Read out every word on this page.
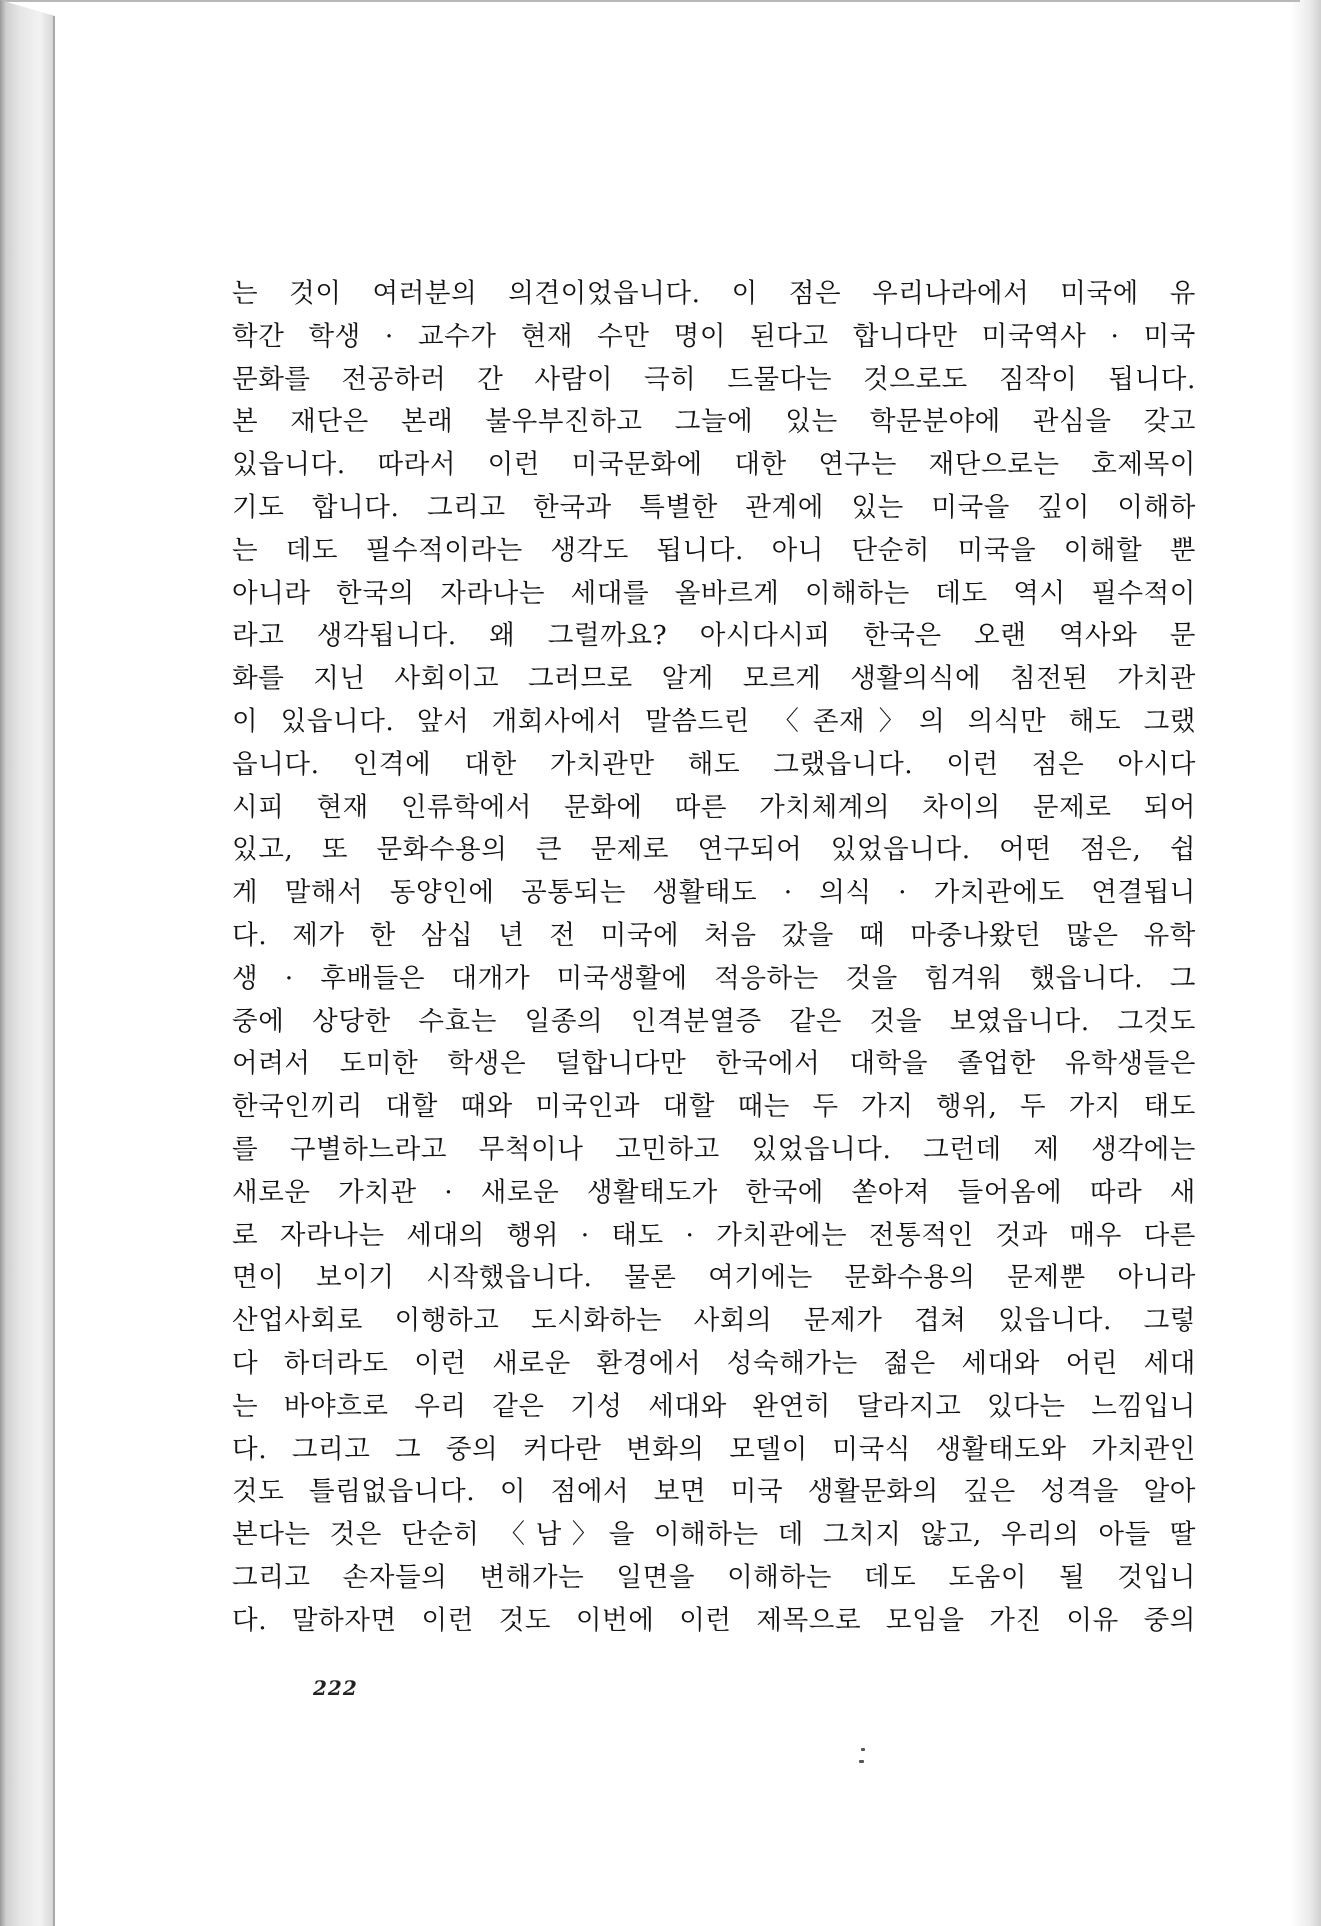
는 것이 여러분의 의견이었읍니다. 이 점은 우리나라에서 미국에 유
학간 학생 · 교수가 현재 수만 명이 된다고 합니다만 미국역사 · 미국
문화를 전공하러 간 사람이 극히 드물다는 것으로도 짐작이 됩니다.
본 재단은 본래 불우부진하고 그늘에 있는 학문분야에 관심을 갖고
있읍니다. 따라서 이런 미국문화에 대한 연구는 재단으로는 호제목이
기도 합니다. 그리고 한국과 특별한 관계에 있는 미국을 깊이 이해하
는 데도 필수적이라는 생각도 됩니다. 아니 단순히 미국을 이해할 뿐
아니라 한국의 자라나는 세대를 올바르게 이해하는 데도 역시 필수적이
라고 생각됩니다. 왜 그럴까요? 아시다시피 한국은 오랜 역사와 문
화를 지닌 사회이고 그러므로 알게 모르게 생활의식에 침전된 가치관
이 있읍니다. 앞서 개회사에서 말씀드린 〈존재〉의 의식만 해도 그랬
읍니다. 인격에 대한 가치관만 해도 그랬읍니다. 이런 점은 아시다
시피 현재 인류학에서 문화에 따른 가치체계의 차이의 문제로 되어
있고, 또 문화수용의 큰 문제로 연구되어 있었읍니다. 어떤 점은, 쉽
게 말해서 동양인에 공통되는 생활태도 · 의식 · 가치관에도 연결됩니
다. 제가 한 삼십 년 전 미국에 처음 갔을 때 마중나왔던 많은 유학
생 · 후배들은 대개가 미국생활에 적응하는 것을 힘겨워 했읍니다. 그
중에 상당한 수효는 일종의 인격분열증 같은 것을 보였읍니다. 그것도
어려서 도미한 학생은 덜합니다만 한국에서 대학을 졸업한 유학생들은
한국인끼리 대할 때와 미국인과 대할 때는 두 가지 행위, 두 가지 태도
를 구별하느라고 무척이나 고민하고 있었읍니다. 그런데 제 생각에는
새로운 가치관 · 새로운 생활태도가 한국에 쏟아져 들어옴에 따라 새
로 자라나는 세대의 행위 · 태도 · 가치관에는 전통적인 것과 매우 다른
면이 보이기 시작했읍니다. 물론 여기에는 문화수용의 문제뿐 아니라
산업사회로 이행하고 도시화하는 사회의 문제가 겹쳐 있읍니다. 그렇
다 하더라도 이런 새로운 환경에서 성숙해가는 젊은 세대와 어린 세대
는 바야흐로 우리 같은 기성 세대와 완연히 달라지고 있다는 느낌입니
다. 그리고 그 중의 커다란 변화의 모델이 미국식 생활태도와 가치관인
것도 틀림없읍니다. 이 점에서 보면 미국 생활문화의 깊은 성격을 알아
본다는 것은 단순히 〈남〉을 이해하는 데 그치지 않고, 우리의 아들 딸
그리고 손자들의 변해가는 일면을 이해하는 데도 도움이 될 것입니
다. 말하자면 이런 것도 이번에 이런 제목으로 모임을 가진 이유 중의
222
